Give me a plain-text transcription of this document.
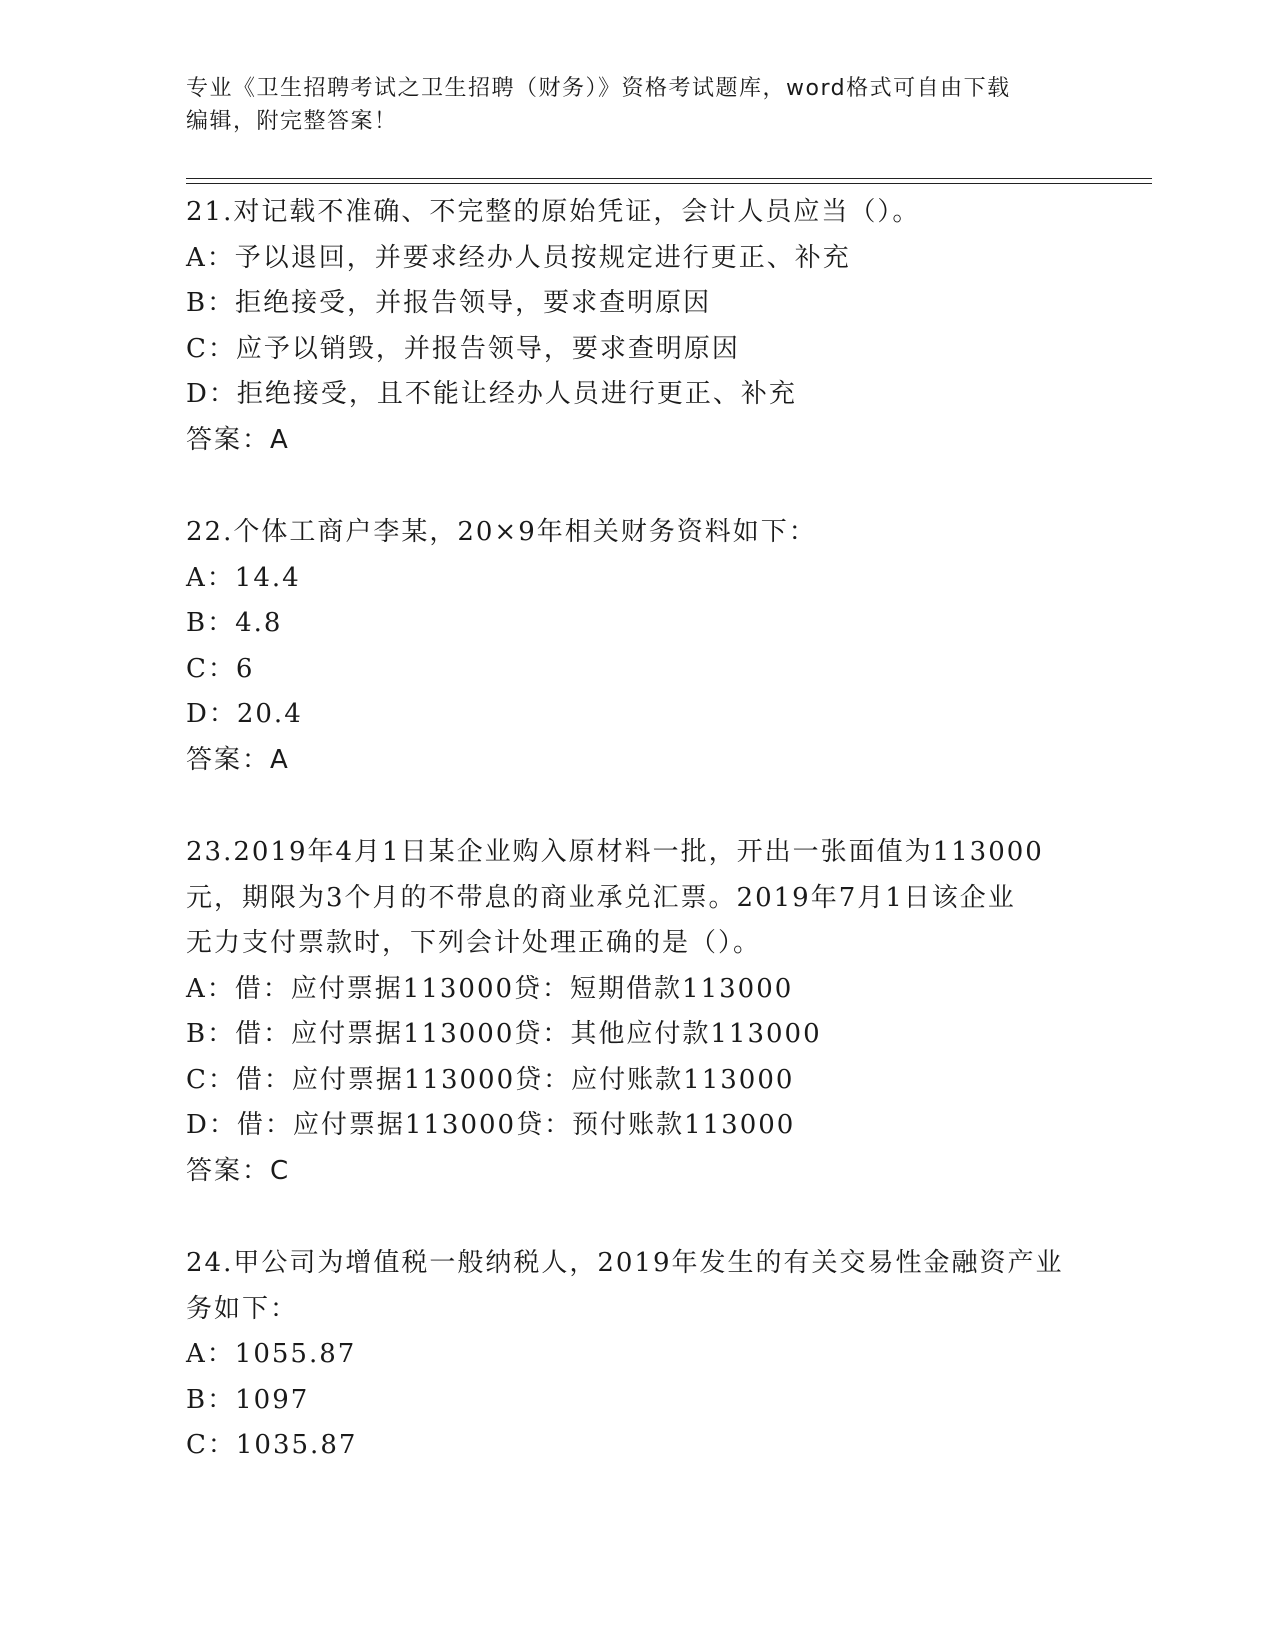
专业《卫生招聘考试之卫生招聘（财务）》资格考试题库，word格式可自由下载
编辑，附完整答案！
21.对记载不准确、不完整的原始凭证，会计人员应当（）。
A：予以退回，并要求经办人员按规定进行更正、补充
B：拒绝接受，并报告领导，要求查明原因
C：应予以销毁，并报告领导，要求查明原因
D：拒绝接受，且不能让经办人员进行更正、补充
答案：A
22.个体工商户李某，20×9年相关财务资料如下：
A：14.4
B：4.8
C：6
D：20.4
答案：A
23.2019年4月1日某企业购入原材料一批，开出一张面值为113000
元，期限为3个月的不带息的商业承兑汇票。2019年7月1日该企业
无力支付票款时，下列会计处理正确的是（）。
A：借：应付票据113000贷：短期借款113000
B：借：应付票据113000贷：其他应付款113000
C：借：应付票据113000贷：应付账款113000
D：借：应付票据113000贷：预付账款113000
答案：C
24.甲公司为增值税一般纳税人，2019年发生的有关交易性金融资产业
务如下：
A：1055.87
B：1097
C：1035.87
